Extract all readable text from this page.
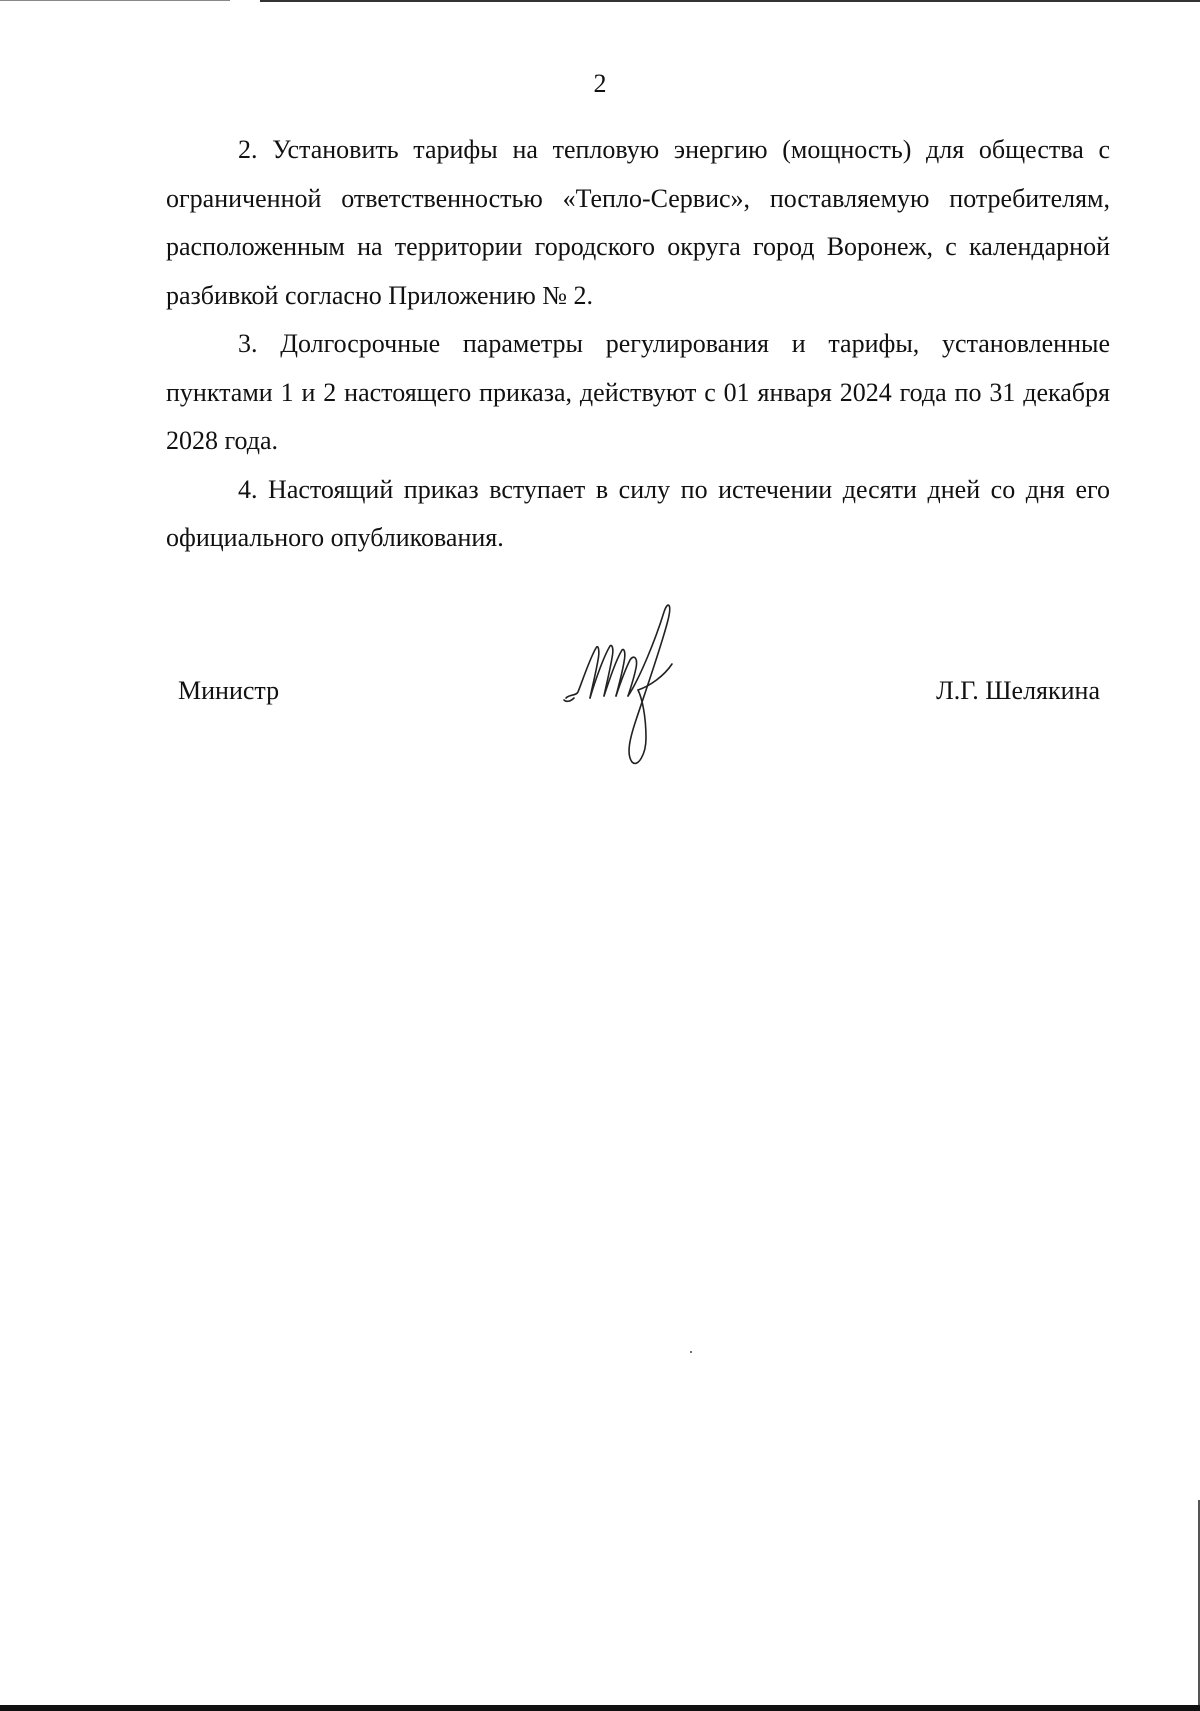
2

2. Установить тарифы на тепловую энергию (мощность) для общества с ограниченной ответственностью «Тепло-Сервис», поставляемую потребителям, расположенным на территории городского округа город Воронеж, с календарной разбивкой согласно Приложению № 2.

3. Долгосрочные параметры регулирования и тарифы, установленные пунктами 1 и 2 настоящего приказа, действуют с 01 января 2024 года по 31 декабря 2028 года.

4. Настоящий приказ вступает в силу по истечении десяти дней со дня его официального опубликования.

Министр	Л.Г. Шелякина
